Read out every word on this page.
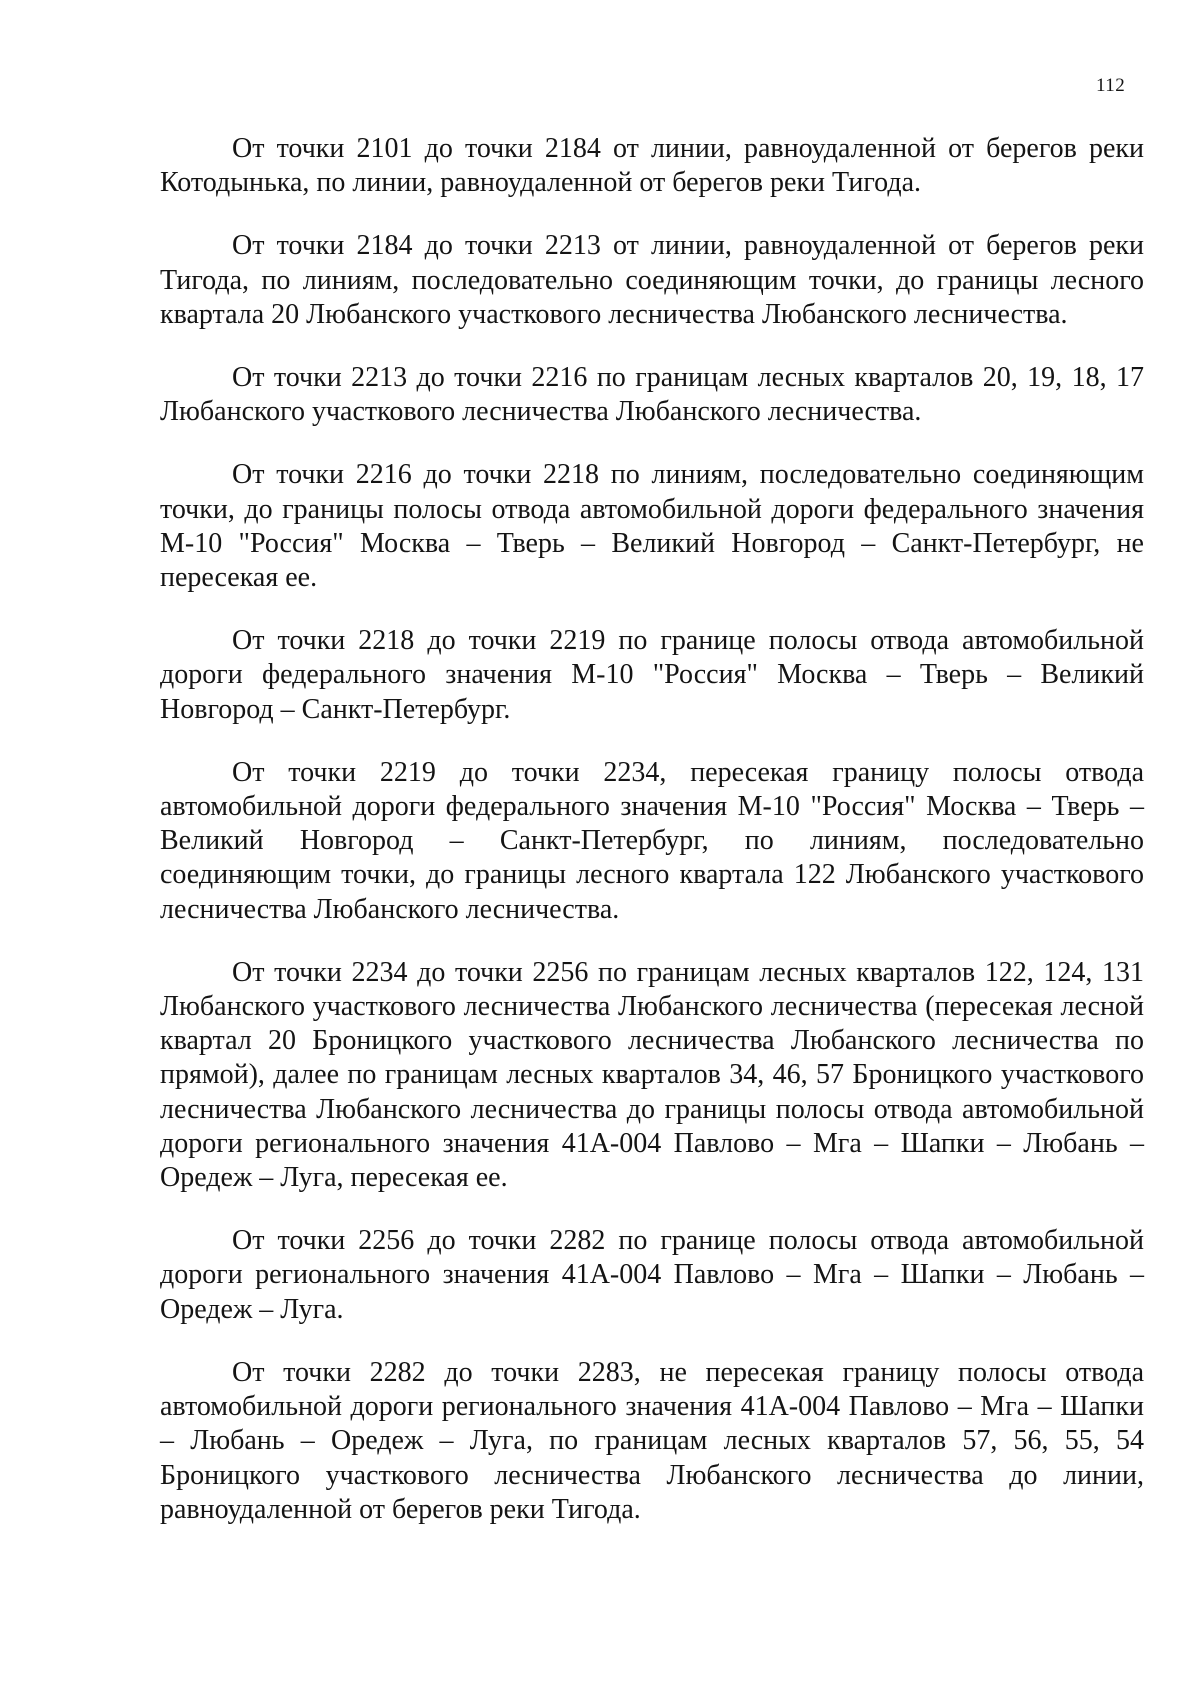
112

От точки 2101 до точки 2184 от линии, равноудаленной от берегов реки Котодынька, по линии, равноудаленной от берегов реки Тигода.

От точки 2184 до точки 2213 от линии, равноудаленной от берегов реки Тигода, по линиям, последовательно соединяющим точки, до границы лесного квартала 20 Любанского участкового лесничества Любанского лесничества.

От точки 2213 до точки 2216 по границам лесных кварталов 20, 19, 18, 17 Любанского участкового лесничества Любанского лесничества.

От точки 2216 до точки 2218 по линиям, последовательно соединяющим точки, до границы полосы отвода автомобильной дороги федерального значения М-10 "Россия" Москва – Тверь – Великий Новгород – Санкт-Петербург, не пересекая ее.

От точки 2218 до точки 2219 по границе полосы отвода автомобильной дороги федерального значения М-10 "Россия" Москва – Тверь – Великий Новгород – Санкт-Петербург.

От точки 2219 до точки 2234, пересекая границу полосы отвода автомобильной дороги федерального значения М-10 "Россия" Москва – Тверь – Великий Новгород – Санкт-Петербург, по линиям, последовательно соединяющим точки, до границы лесного квартала 122 Любанского участкового лесничества Любанского лесничества.

От точки 2234 до точки 2256 по границам лесных кварталов 122, 124, 131 Любанского участкового лесничества Любанского лесничества (пересекая лесной квартал 20 Броницкого участкового лесничества Любанского лесничества по прямой), далее по границам лесных кварталов 34, 46, 57 Броницкого участкового лесничества Любанского лесничества до границы полосы отвода автомобильной дороги регионального значения 41А-004 Павлово – Мга – Шапки – Любань – Оредеж – Луга, пересекая ее.

От точки 2256 до точки 2282 по границе полосы отвода автомобильной дороги регионального значения 41А-004 Павлово – Мга – Шапки – Любань – Оредеж – Луга.

От точки 2282 до точки 2283, не пересекая границу полосы отвода автомобильной дороги регионального значения 41А-004 Павлово – Мга – Шапки – Любань – Оредеж – Луга, по границам лесных кварталов 57, 56, 55, 54 Броницкого участкового лесничества Любанского лесничества до линии, равноудаленной от берегов реки Тигода.
